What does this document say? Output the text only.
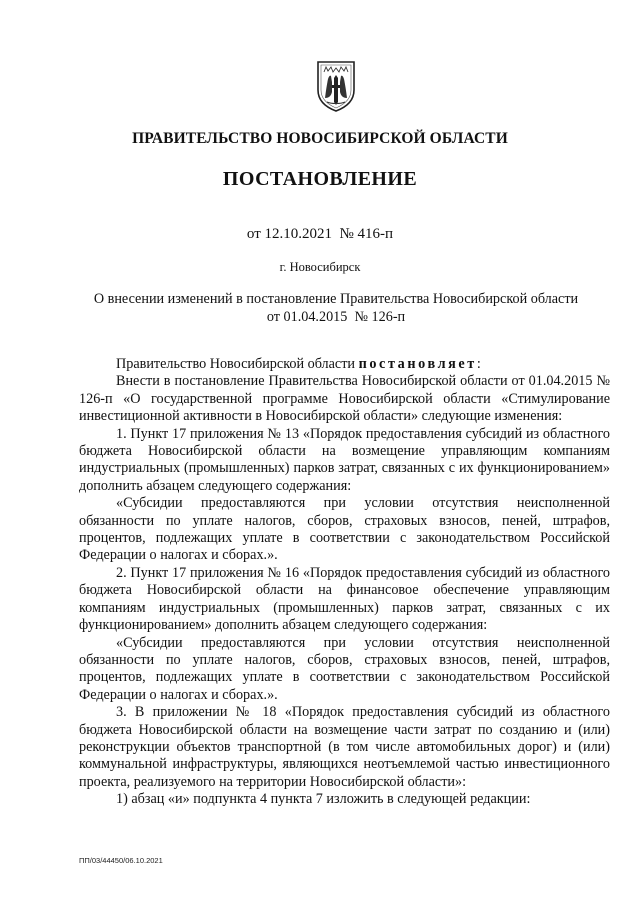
ПРАВИТЕЛЬСТВО НОВОСИБИРСКОЙ ОБЛАСТИ
ПОСТАНОВЛЕНИЕ
от 12.10.2021  № 416-п
г. Новосибирск
О внесении изменений в постановление Правительства Новосибирской области
от 01.04.2015  № 126-п

Правительство Новосибирской области постановляет:

Внести в постановление Правительства Новосибирской области от 01.04.2015 № 126-п «О государственной программе Новосибирской области «Стимулирование инвестиционной активности в Новосибирской области» следующие изменения:

1. Пункт 17 приложения № 13 «Порядок предоставления субсидий из областного бюджета Новосибирской области на возмещение управляющим компаниям индустриальных (промышленных) парков затрат, связанных с их функционированием» дополнить абзацем следующего содержания:

«Субсидии предоставляются при условии отсутствия неисполненной обязанности по уплате налогов, сборов, страховых взносов, пеней, штрафов, процентов, подлежащих уплате в соответствии с законодательством Российской Федерации о налогах и сборах.».

2. Пункт 17 приложения № 16 «Порядок предоставления субсидий из областного бюджета Новосибирской области на финансовое обеспечение управляющим компаниям индустриальных (промышленных) парков затрат, связанных с их функционированием» дополнить абзацем следующего содержания:

«Субсидии предоставляются при условии отсутствия неисполненной обязанности по уплате налогов, сборов, страховых взносов, пеней, штрафов, процентов, подлежащих уплате в соответствии с законодательством Российской Федерации о налогах и сборах.».

3. В приложении № 18 «Порядок предоставления субсидий из областного бюджета Новосибирской области на возмещение части затрат по созданию и (или) реконструкции объектов транспортной (в том числе автомобильных дорог) и (или) коммунальной инфраструктуры, являющихся неотъемлемой частью инвестиционного проекта, реализуемого на территории Новосибирской области»:

1) абзац «и» подпункта 4 пункта 7 изложить в следующей редакции:

ПП/03/44450/06.10.2021
